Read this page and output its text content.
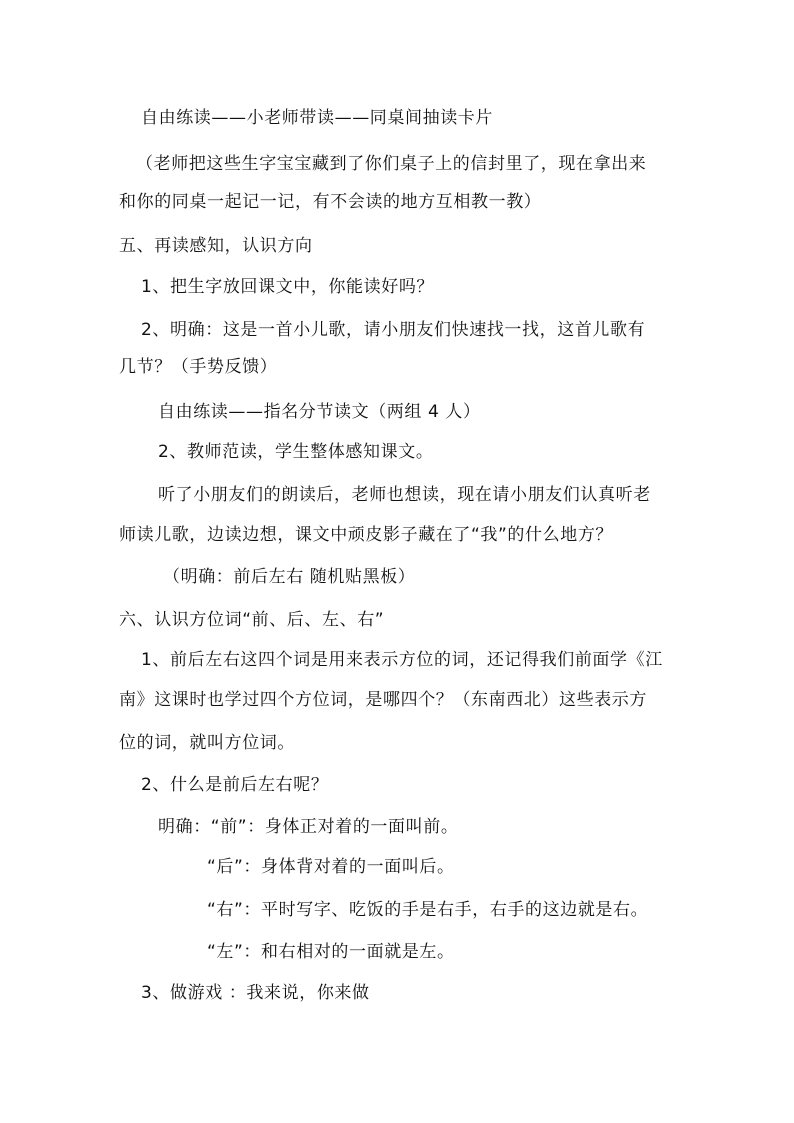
自由练读——小老师带读——同桌间抽读卡片
（老师把这些生字宝宝藏到了你们桌子上的信封里了，现在拿出来
和你的同桌一起记一记，有不会读的地方互相教一教）
五、再读感知，认识方向
1、把生字放回课文中，你能读好吗？
2、明确：这是一首小儿歌，请小朋友们快速找一找，这首儿歌有
几节？（手势反馈）
自由练读——指名分节读文（两组 4 人）
2、教师范读，学生整体感知课文。
听了小朋友们的朗读后，老师也想读，现在请小朋友们认真听老
师读儿歌，边读边想，课文中顽皮影子藏在了“我”的什么地方？
（明确：前后左右 随机贴黑板）
六、认识方位词“前、后、左、右”
1、前后左右这四个词是用来表示方位的词，还记得我们前面学《江
南》这课时也学过四个方位词，是哪四个？（东南西北）这些表示方
位的词，就叫方位词。
2、什么是前后左右呢？
明确：“前”：身体正对着的一面叫前。
“后”：身体背对着的一面叫后。
“右”：平时写字、吃饭的手是右手，右手的这边就是右。
“左”：和右相对的一面就是左。
3、做游戏 ：我来说，你来做
